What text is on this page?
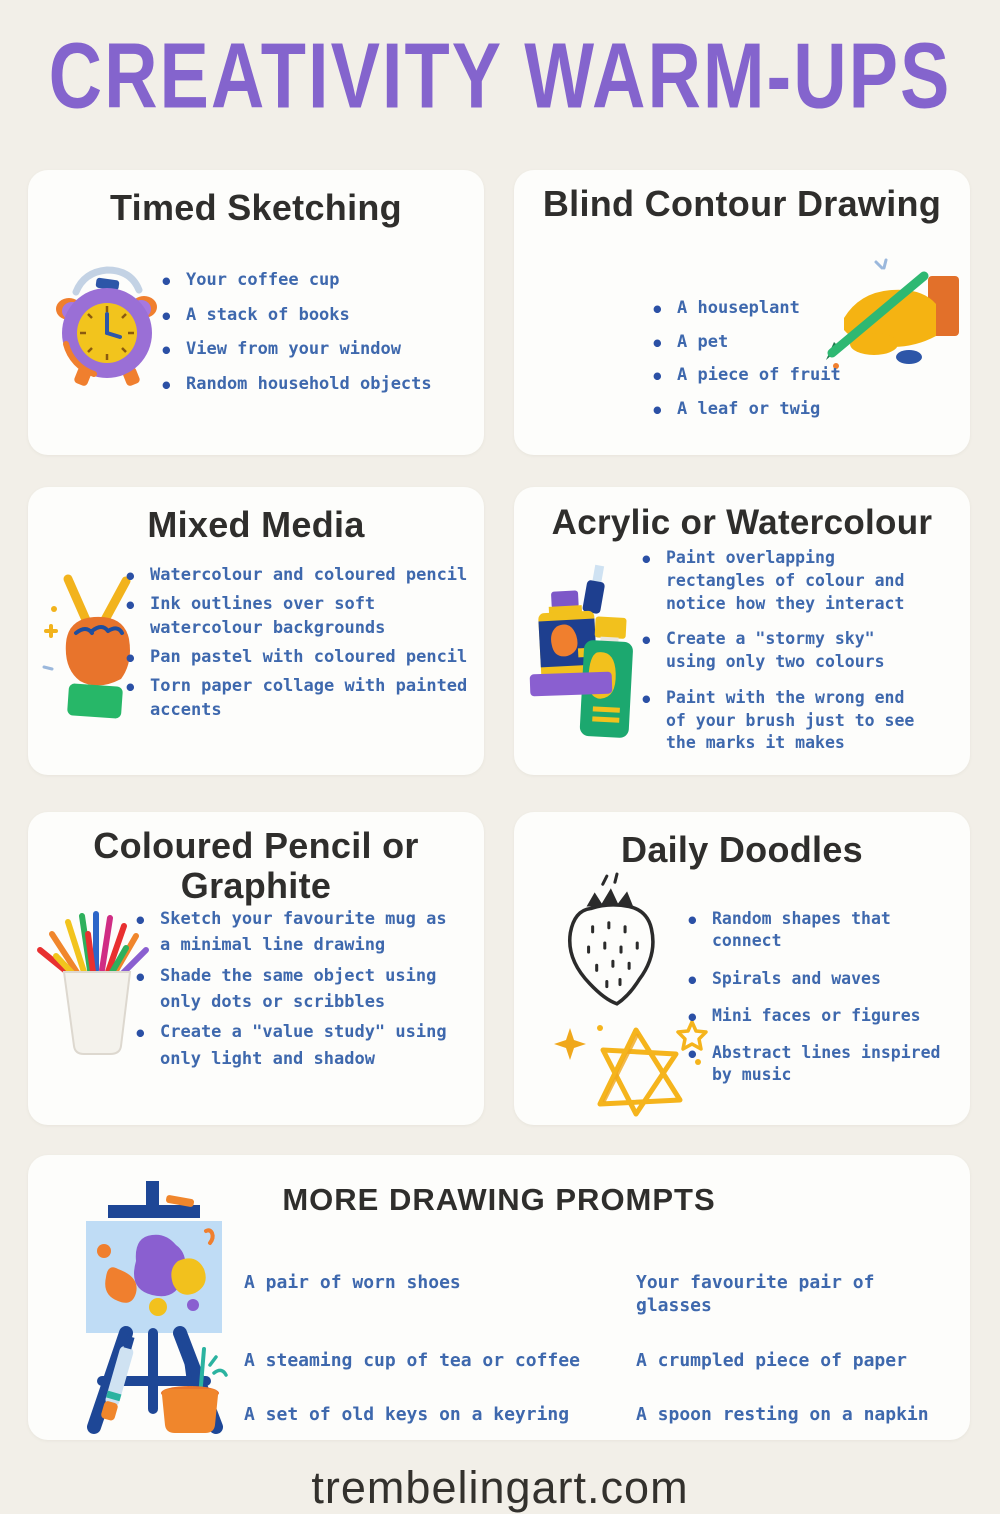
CREATIVITY WARM-UPS
Timed Sketching
• Your coffee cup
• A stack of books
• View from your window
• Random household objects
Blind Contour Drawing
• A houseplant
• A pet
• A piece of fruit
• A leaf or twig
Mixed Media
• Watercolour and coloured pencil
• Ink outlines over soft watercolour backgrounds
• Pan pastel with coloured pencil
• Torn paper collage with painted accents
Acrylic or Watercolour
• Paint overlapping rectangles of colour and notice how they interact
• Create a "stormy sky" using only two colours
• Paint with the wrong end of your brush just to see the marks it makes
Coloured Pencil or Graphite
• Sketch your favourite mug as a minimal line drawing
• Shade the same object using only dots or scribbles
• Create a "value study" using only light and shadow
Daily Doodles
• Random shapes that connect
• Spirals and waves
• Mini faces or figures
• Abstract lines inspired by music
MORE DRAWING PROMPTS
A pair of worn shoes	Your favourite pair of glasses
A steaming cup of tea or coffee	A crumpled piece of paper
A set of old keys on a keyring	A spoon resting on a napkin
trembelingart.com
